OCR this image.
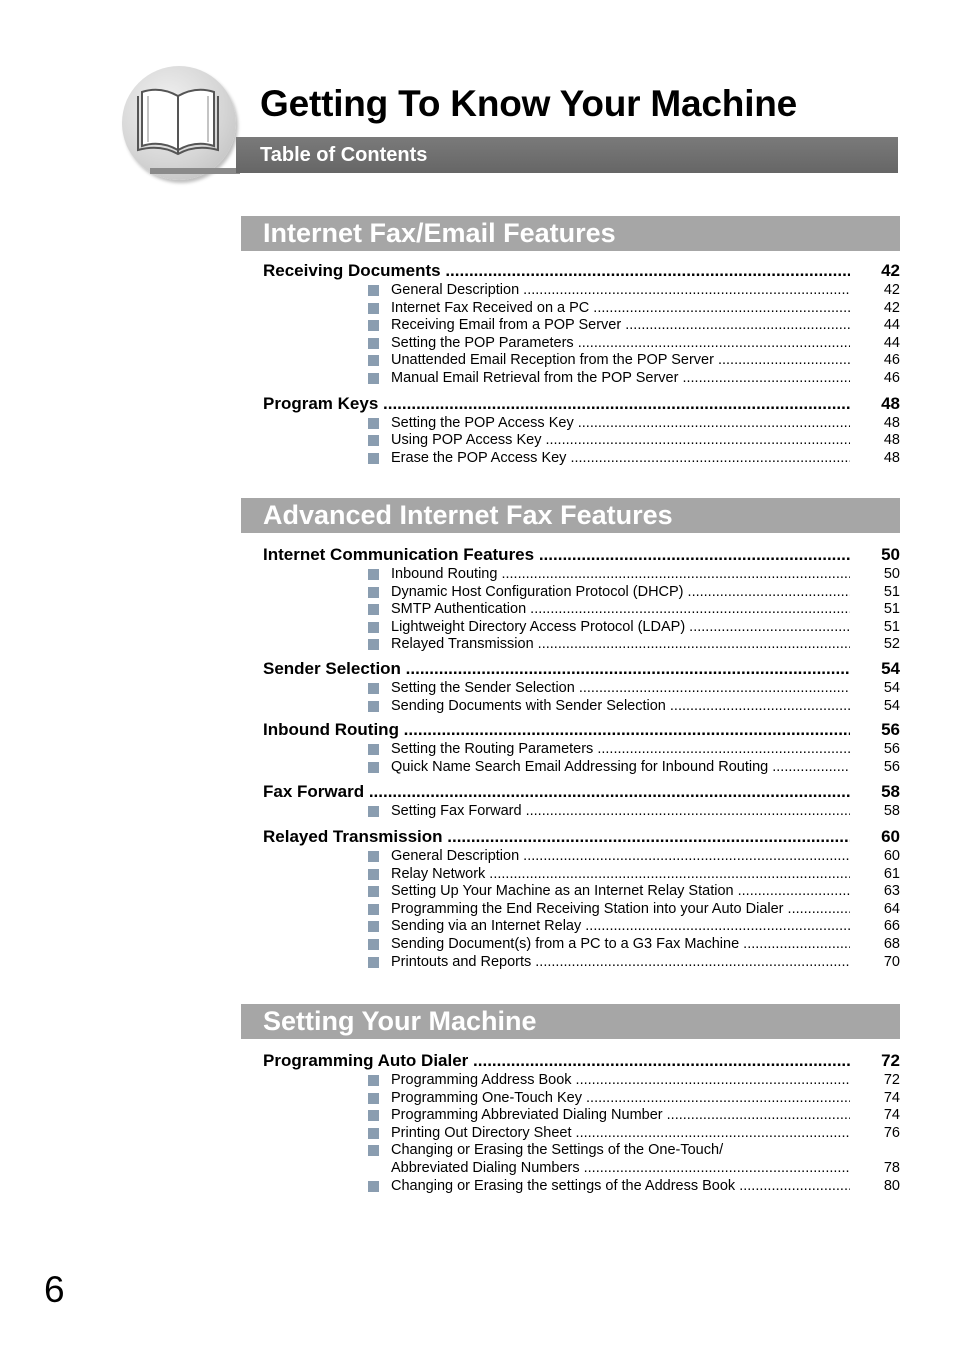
Getting To Know Your Machine
Table of Contents
Internet Fax/Email Features
Receiving Documents .....	42
General Description .....	42
Internet Fax Received on a PC .....	42
Receiving Email from a POP Server .....	44
Setting the POP Parameters .....	44
Unattended Email Reception from the POP Server .....	46
Manual Email Retrieval from the POP Server .....	46
Program Keys .....	48
Setting the POP Access Key .....	48
Using POP Access Key .....	48
Erase the POP Access Key .....	48
Advanced Internet Fax Features
Internet Communication Features .....	50
Inbound Routing .....	50
Dynamic Host Configuration Protocol (DHCP) .....	51
SMTP Authentication .....	51
Lightweight Directory Access Protocol (LDAP) .....	51
Relayed Transmission .....	52
Sender Selection .....	54
Setting the Sender Selection .....	54
Sending Documents with Sender Selection .....	54
Inbound Routing .....	56
Setting the Routing Parameters .....	56
Quick Name Search Email Addressing for Inbound Routing .....	56
Fax Forward .....	58
Setting Fax Forward .....	58
Relayed Transmission .....	60
General Description .....	60
Relay Network .....	61
Setting Up Your Machine as an Internet Relay Station .....	63
Programming the End Receiving Station into your Auto Dialer .....	64
Sending via an Internet Relay .....	66
Sending Document(s) from a PC to a G3 Fax Machine .....	68
Printouts and Reports .....	70
Setting Your Machine
Programming Auto Dialer .....	72
Programming Address Book .....	72
Programming One-Touch Key .....	74
Programming Abbreviated Dialing Number .....	74
Printing Out Directory Sheet .....	76
Changing or Erasing the Settings of the One-Touch/
Abbreviated Dialing Numbers .....	78
Changing or Erasing the settings of the Address Book .....	80
6
